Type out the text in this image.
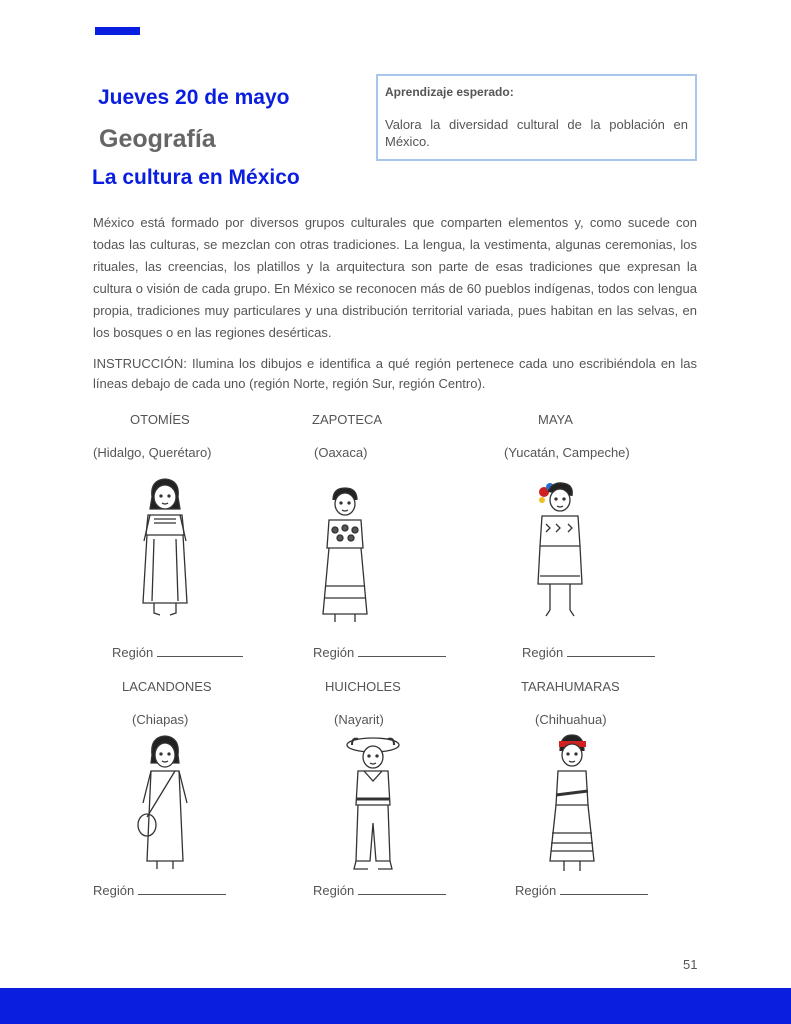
Jueves 20 de mayo
Geografía
La cultura en México
Aprendizaje esperado:
Valora la diversidad cultural de la población en México.
México está formado por diversos grupos culturales que comparten elementos y, como sucede con todas las culturas, se mezclan con otras tradiciones. La lengua, la vestimenta, algunas ceremonias, los rituales, las creencias, los platillos y la arquitectura son parte de esas tradiciones que expresan la cultura o visión de cada grupo. En México se reconocen más de 60 pueblos indígenas, todos con lengua propia, tradiciones muy particulares y una distribución territorial variada, pues habitan en las selvas, en los bosques o en las regiones desérticas.
INSTRUCCIÓN: Ilumina los dibujos e identifica a qué región pertenece cada uno escribiéndola en las líneas debajo de cada uno (región Norte, región Sur, región Centro).
OTOMÍES	ZAPOTECA	MAYA
(Hidalgo, Querétaro)	(Oaxaca)	(Yucatán, Campeche)
Región	Región	Región
LACANDONES	HUICHOLES	TARAHUMARAS
(Chiapas)	(Nayarit)	(Chihuahua)
Región	Región	Región
51
